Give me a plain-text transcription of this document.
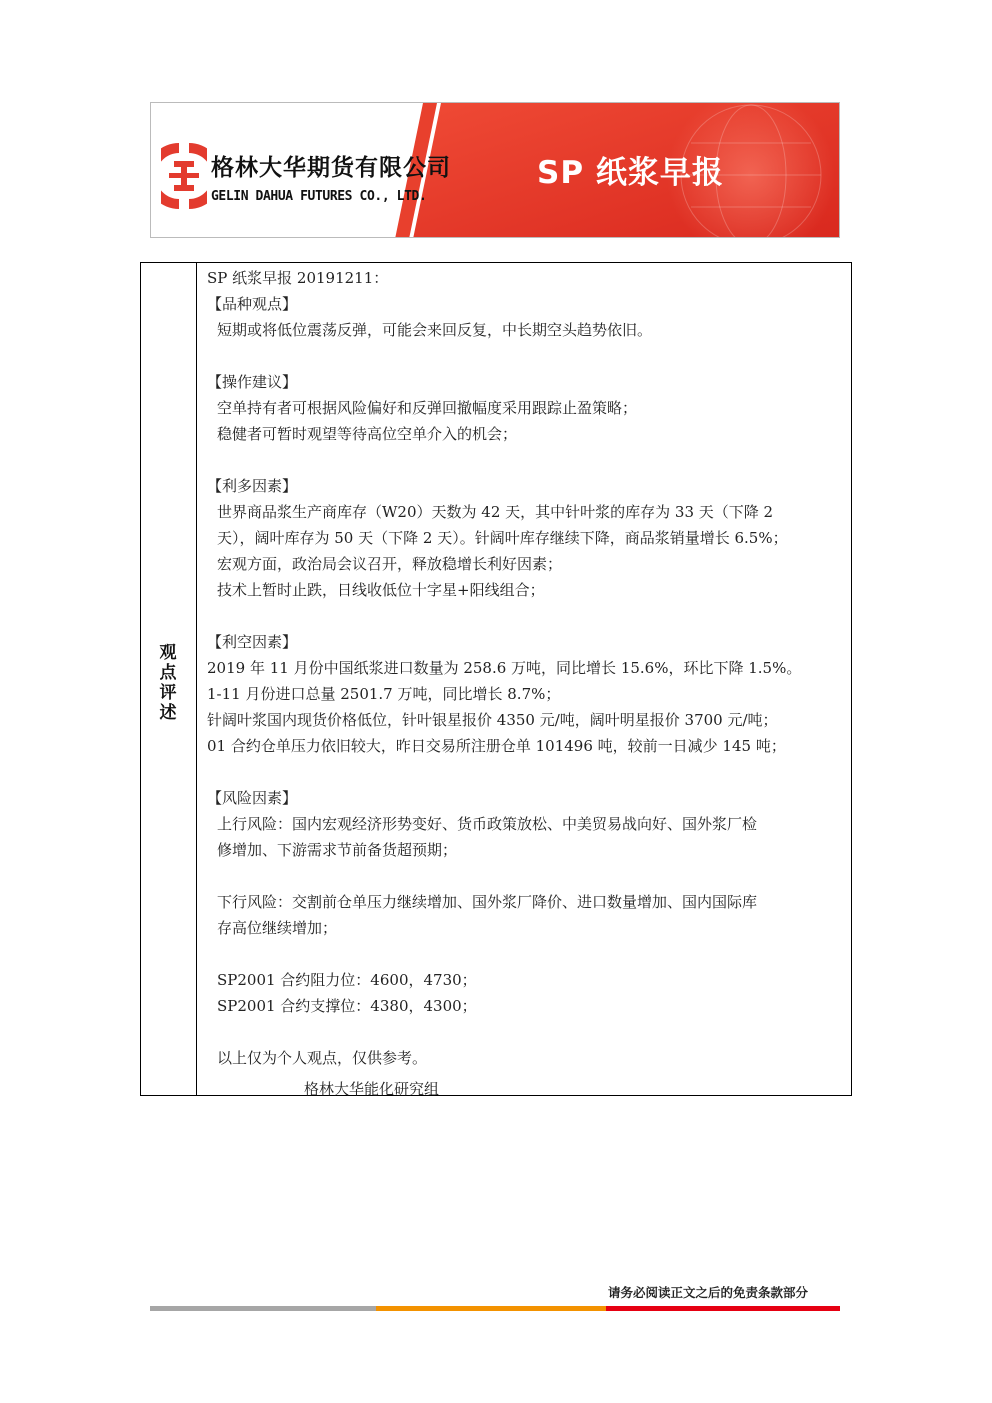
格林大华期货有限公司
GELIN DAHUA FUTURES CO., LTD.
SP 纸浆早报
观点评述
SP 纸浆早报 20191211：
【品种观点】
短期或将低位震荡反弹，可能会来回反复，中长期空头趋势依旧。
【操作建议】
空单持有者可根据风险偏好和反弹回撤幅度采用跟踪止盈策略；
稳健者可暂时观望等待高位空单介入的机会；
【利多因素】
世界商品浆生产商库存（W20）天数为 42 天，其中针叶浆的库存为 33 天（下降 2
天），阔叶库存为 50 天（下降 2 天）。针阔叶库存继续下降，商品浆销量增长 6.5%；
宏观方面，政治局会议召开，释放稳增长利好因素；
技术上暂时止跌，日线收低位十字星+阳线组合；
【利空因素】
2019 年 11 月份中国纸浆进口数量为 258.6 万吨，同比增长 15.6%，环比下降 1.5%。
1-11 月份进口总量 2501.7 万吨，同比增长 8.7%；
针阔叶浆国内现货价格低位，针叶银星报价 4350 元/吨，阔叶明星报价 3700 元/吨；
01 合约仓单压力依旧较大，昨日交易所注册仓单 101496 吨，较前一日减少 145 吨；
【风险因素】
上行风险：国内宏观经济形势变好、货币政策放松、中美贸易战向好、国外浆厂检
修增加、下游需求节前备货超预期；
下行风险：交割前仓单压力继续增加、国外浆厂降价、进口数量增加、国内国际库
存高位继续增加；
SP2001 合约阻力位：4600，4730；
SP2001 合约支撑位：4380，4300；
以上仅为个人观点，仅供参考。
格林大华能化研究组
请务必阅读正文之后的免责条款部分
